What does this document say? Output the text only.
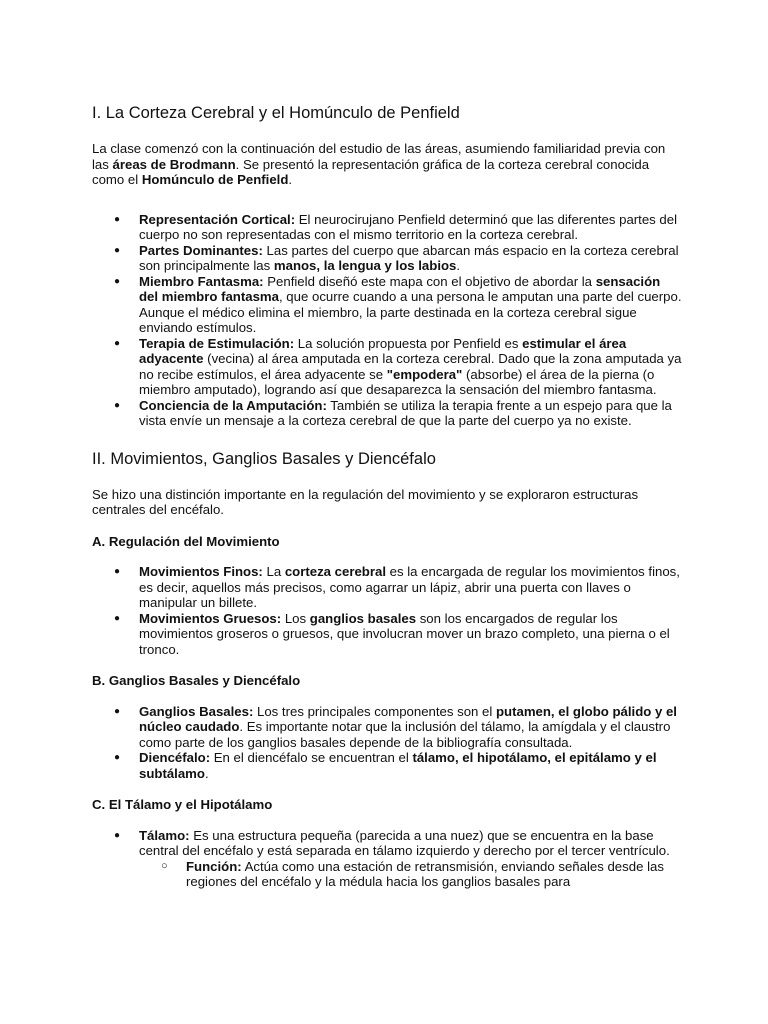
I. La Corteza Cerebral y el Homúnculo de Penfield

La clase comenzó con la continuación del estudio de las áreas, asumiendo familiaridad previa con las áreas de Brodmann. Se presentó la representación gráfica de la corteza cerebral conocida como el Homúnculo de Penfield.

● Representación Cortical: El neurocirujano Penfield determinó que las diferentes partes del cuerpo no son representadas con el mismo territorio en la corteza cerebral.
● Partes Dominantes: Las partes del cuerpo que abarcan más espacio en la corteza cerebral son principalmente las manos, la lengua y los labios.
● Miembro Fantasma: Penfield diseñó este mapa con el objetivo de abordar la sensación del miembro fantasma, que ocurre cuando a una persona le amputan una parte del cuerpo. Aunque el médico elimina el miembro, la parte destinada en la corteza cerebral sigue enviando estímulos.
● Terapia de Estimulación: La solución propuesta por Penfield es estimular el área adyacente (vecina) al área amputada en la corteza cerebral. Dado que la zona amputada ya no recibe estímulos, el área adyacente se "empodera" (absorbe) el área de la pierna (o miembro amputado), logrando así que desaparezca la sensación del miembro fantasma.
● Conciencia de la Amputación: También se utiliza la terapia frente a un espejo para que la vista envíe un mensaje a la corteza cerebral de que la parte del cuerpo ya no existe.
II. Movimientos, Ganglios Basales y Diencéfalo

Se hizo una distinción importante en la regulación del movimiento y se exploraron estructuras centrales del encéfalo.

A. Regulación del Movimiento
● Movimientos Finos: La corteza cerebral es la encargada de regular los movimientos finos, es decir, aquellos más precisos, como agarrar un lápiz, abrir una puerta con llaves o manipular un billete.
● Movimientos Gruesos: Los ganglios basales son los encargados de regular los movimientos groseros o gruesos, que involucran mover un brazo completo, una pierna o el tronco.
B. Ganglios Basales y Diencéfalo
● Ganglios Basales: Los tres principales componentes son el putamen, el globo pálido y el núcleo caudado. Es importante notar que la inclusión del tálamo, la amígdala y el claustro como parte de los ganglios basales depende de la bibliografía consultada.
● Diencéfalo: En el diencéfalo se encuentran el tálamo, el hipotálamo, el epitálamo y el subtálamo.
C. El Tálamo y el Hipotálamo
● Tálamo: Es una estructura pequeña (parecida a una nuez) que se encuentra en la base central del encéfalo y está separada en tálamo izquierdo y derecho por el tercer ventrículo.
○ Función: Actúa como una estación de retransmisión, enviando señales desde las regiones del encéfalo y la médula hacia los ganglios basales para
